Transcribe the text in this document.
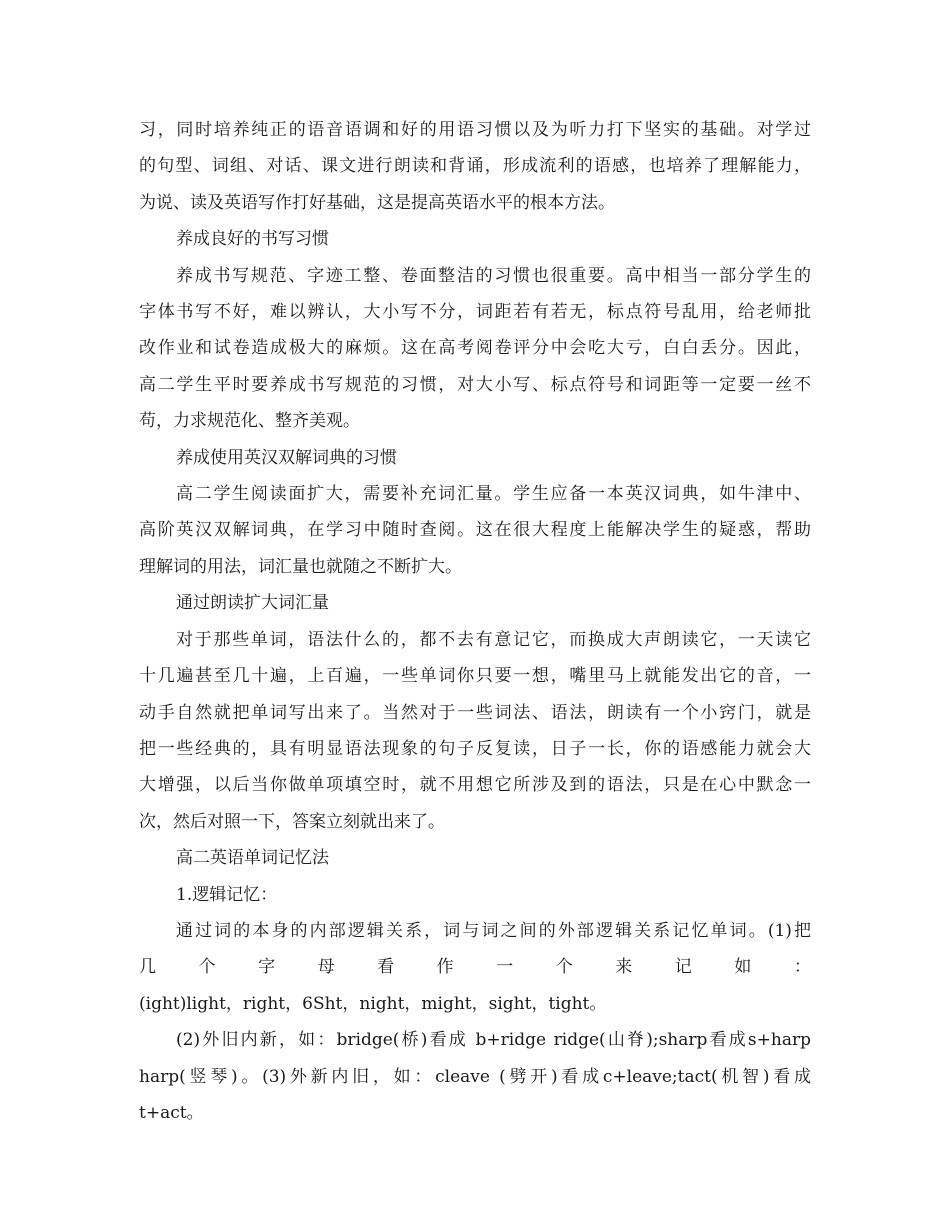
习，同时培养纯正的语音语调和好的用语习惯以及为听力打下坚实的基础。对学过

的句型、词组、对话、课文进行朗读和背诵，形成流利的语感，也培养了理解能力，

为说、读及英语写作打好基础，这是提高英语水平的根本方法。

养成良好的书写习惯

养成书写规范、字迹工整、卷面整洁的习惯也很重要。高中相当一部分学生的

字体书写不好，难以辨认，大小写不分，词距若有若无，标点符号乱用，给老师批

改作业和试卷造成极大的麻烦。这在高考阅卷评分中会吃大亏，白白丢分。因此，

高二学生平时要养成书写规范的习惯，对大小写、标点符号和词距等一定要一丝不

苟，力求规范化、整齐美观。

养成使用英汉双解词典的习惯

高二学生阅读面扩大，需要补充词汇量。学生应备一本英汉词典，如牛津中、

高阶英汉双解词典，在学习中随时查阅。这在很大程度上能解决学生的疑惑，帮助

理解词的用法，词汇量也就随之不断扩大。

通过朗读扩大词汇量

对于那些单词，语法什么的，都不去有意记它，而换成大声朗读它，一天读它

十几遍甚至几十遍，上百遍，一些单词你只要一想，嘴里马上就能发出它的音，一

动手自然就把单词写出来了。当然对于一些词法、语法，朗读有一个小窍门，就是

把一些经典的，具有明显语法现象的句子反复读，日子一长，你的语感能力就会大

大增强，以后当你做单项填空时，就不用想它所涉及到的语法，只是在心中默念一

次，然后对照一下，答案立刻就出来了。

高二英语单词记忆法

1.逻辑记忆：

通过词的本身的内部逻辑关系，词与词之间的外部逻辑关系记忆单词。(1)把

几	个	字	母	看	作	一	个	来	记	如	：

(ight)light，right，6Sht，night，might，sight，tight。

(2)外旧内新，如：bridge(桥)看成 b+ridge ridge(山脊);sharp看成s+harp

harp(竖琴)。(3)外新内旧，如：cleave (劈开)看成c+leave;tact(机智)看成

t+act。
